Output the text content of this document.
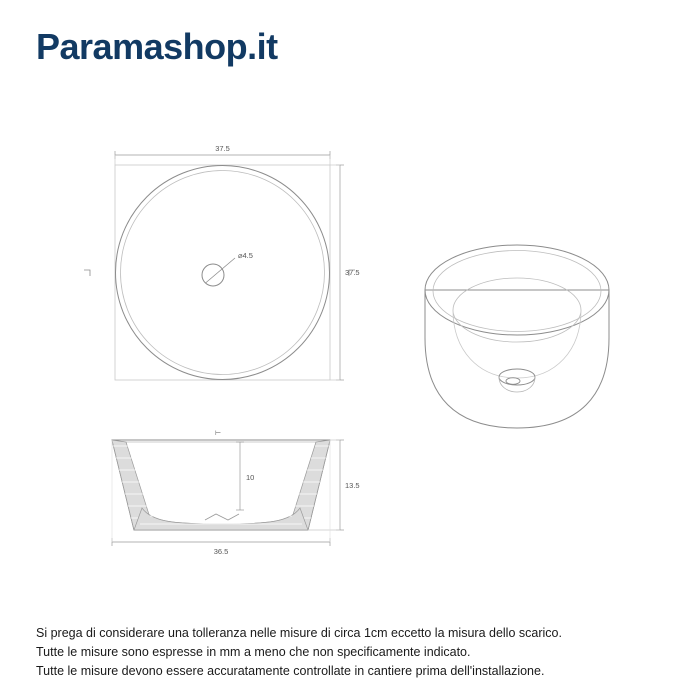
Paramashop.it
⌀4.5
37.5
37.5
⊢
10
13.5
36.5
Si prega di considerare una tolleranza nelle misure di circa 1cm eccetto la misura dello scarico.
Tutte le misure sono espresse in mm a meno che non specificamente indicato.
Tutte le misure devono essere accuratamente controllate in cantiere prima dell'installazione.
